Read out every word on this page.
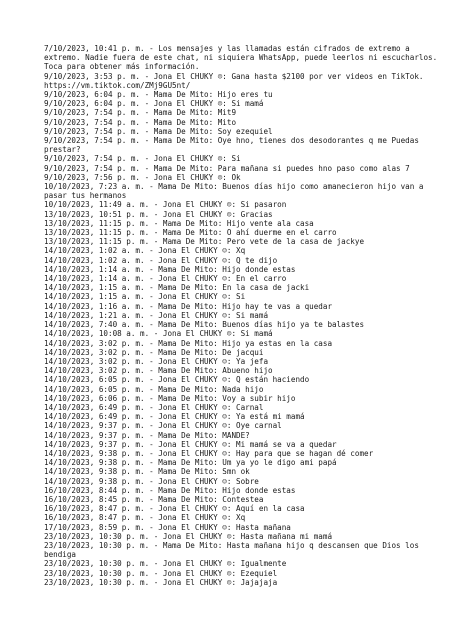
7/10/2023, 10:41 p. m. - Los mensajes y las llamadas están cifrados de extremo a extremo. Nadie fuera de este chat, ni siquiera WhatsApp, puede leerlos ni escucharlos. Toca para obtener más información.
9/10/2023, 3:53 p. m. - Jona El CHUKY ☺: Gana hasta $2100 por ver videos en TikTok. https://vm.tiktok.com/ZMj9GU5nt/
9/10/2023, 6:04 p. m. - Mama De Mito: Hijo eres tu
9/10/2023, 6:04 p. m. - Jona El CHUKY ☺: Si mamá
9/10/2023, 7:54 p. m. - Mama De Mito: Mit9
9/10/2023, 7:54 p. m. - Mama De Mito: Mito
9/10/2023, 7:54 p. m. - Mama De Mito: Soy ezequiel
9/10/2023, 7:54 p. m. - Mama De Mito: Oye hno, tienes dos desodorantes q me Puedas prestar?
9/10/2023, 7:54 p. m. - Jona El CHUKY ☺: Si
9/10/2023, 7:54 p. m. - Mama De Mito: Para mañana si puedes hno paso como alas 7
9/10/2023, 7:56 p. m. - Jona El CHUKY ☺: Ok
10/10/2023, 7:23 a. m. - Mama De Mito: Buenos días hijo como amanecieron hijo van a pasar tus hermanos
10/10/2023, 11:49 a. m. - Jona El CHUKY ☺: Si pasaron
13/10/2023, 10:51 p. m. - Jona El CHUKY ☺: Gracias
13/10/2023, 11:15 p. m. - Mama De Mito: Hijo vente ala casa
13/10/2023, 11:15 p. m. - Mama De Mito: O ahí duerme en el carro
13/10/2023, 11:15 p. m. - Mama De Mito: Pero vete de la casa de jackye
14/10/2023, 1:02 a. m. - Jona El CHUKY ☺: Xq
14/10/2023, 1:02 a. m. - Jona El CHUKY ☺: Q te dijo
14/10/2023, 1:14 a. m. - Mama De Mito: Hijo donde estas
14/10/2023, 1:14 a. m. - Jona El CHUKY ☺: En el carro
14/10/2023, 1:15 a. m. - Mama De Mito: En la casa de jacki
14/10/2023, 1:15 a. m. - Jona El CHUKY ☺: Si
14/10/2023, 1:16 a. m. - Mama De Mito: Hijo hay te vas a quedar
14/10/2023, 1:21 a. m. - Jona El CHUKY ☺: Si mamá
14/10/2023, 7:40 a. m. - Mama De Mito: Buenos días hijo ya te balastes
14/10/2023, 10:08 a. m. - Jona El CHUKY ☺: Si mamá
14/10/2023, 3:02 p. m. - Mama De Mito: Hijo ya estas en la casa
14/10/2023, 3:02 p. m. - Mama De Mito: De jacqui
14/10/2023, 3:02 p. m. - Jona El CHUKY ☺: Ya jefa
14/10/2023, 3:02 p. m. - Mama De Mito: Abueno hijo
14/10/2023, 6:05 p. m. - Jona El CHUKY ☺: Q están haciendo
14/10/2023, 6:05 p. m. - Mama De Mito: Nada hijo
14/10/2023, 6:06 p. m. - Mama De Mito: Voy a subir hijo
14/10/2023, 6:49 p. m. - Jona El CHUKY ☺: Carnal
14/10/2023, 6:49 p. m. - Jona El CHUKY ☺: Ya está mi mamá
14/10/2023, 9:37 p. m. - Jona El CHUKY ☺: Oye carnal
14/10/2023, 9:37 p. m. - Mama De Mito: MANDE?
14/10/2023, 9:37 p. m. - Jona El CHUKY ☺: Mi mamá se va a quedar
14/10/2023, 9:38 p. m. - Jona El CHUKY ☺: Hay para que se hagan dé comer
14/10/2023, 9:38 p. m. - Mama De Mito: Um ya yo le digo ami papá
14/10/2023, 9:38 p. m. - Mama De Mito: Smn ok
14/10/2023, 9:38 p. m. - Jona El CHUKY ☺: Sobre
16/10/2023, 8:44 p. m. - Mama De Mito: Hijo donde estas
16/10/2023, 8:45 p. m. - Mama De Mito: Contestea
16/10/2023, 8:47 p. m. - Jona El CHUKY ☺: Aquí en la casa
16/10/2023, 8:47 p. m. - Jona El CHUKY ☺: Xq
17/10/2023, 8:59 p. m. - Jona El CHUKY ☺: Hasta mañana
23/10/2023, 10:30 p. m. - Jona El CHUKY ☺: Hasta mañana mi mamá
23/10/2023, 10:30 p. m. - Mama De Mito: Hasta mañana hijo q descansen que Dios los bendiga
23/10/2023, 10:30 p. m. - Jona El CHUKY ☺: Igualmente
23/10/2023, 10:30 p. m. - Jona El CHUKY ☺: Ezequiel
23/10/2023, 10:30 p. m. - Jona El CHUKY ☺: Jajajaja
